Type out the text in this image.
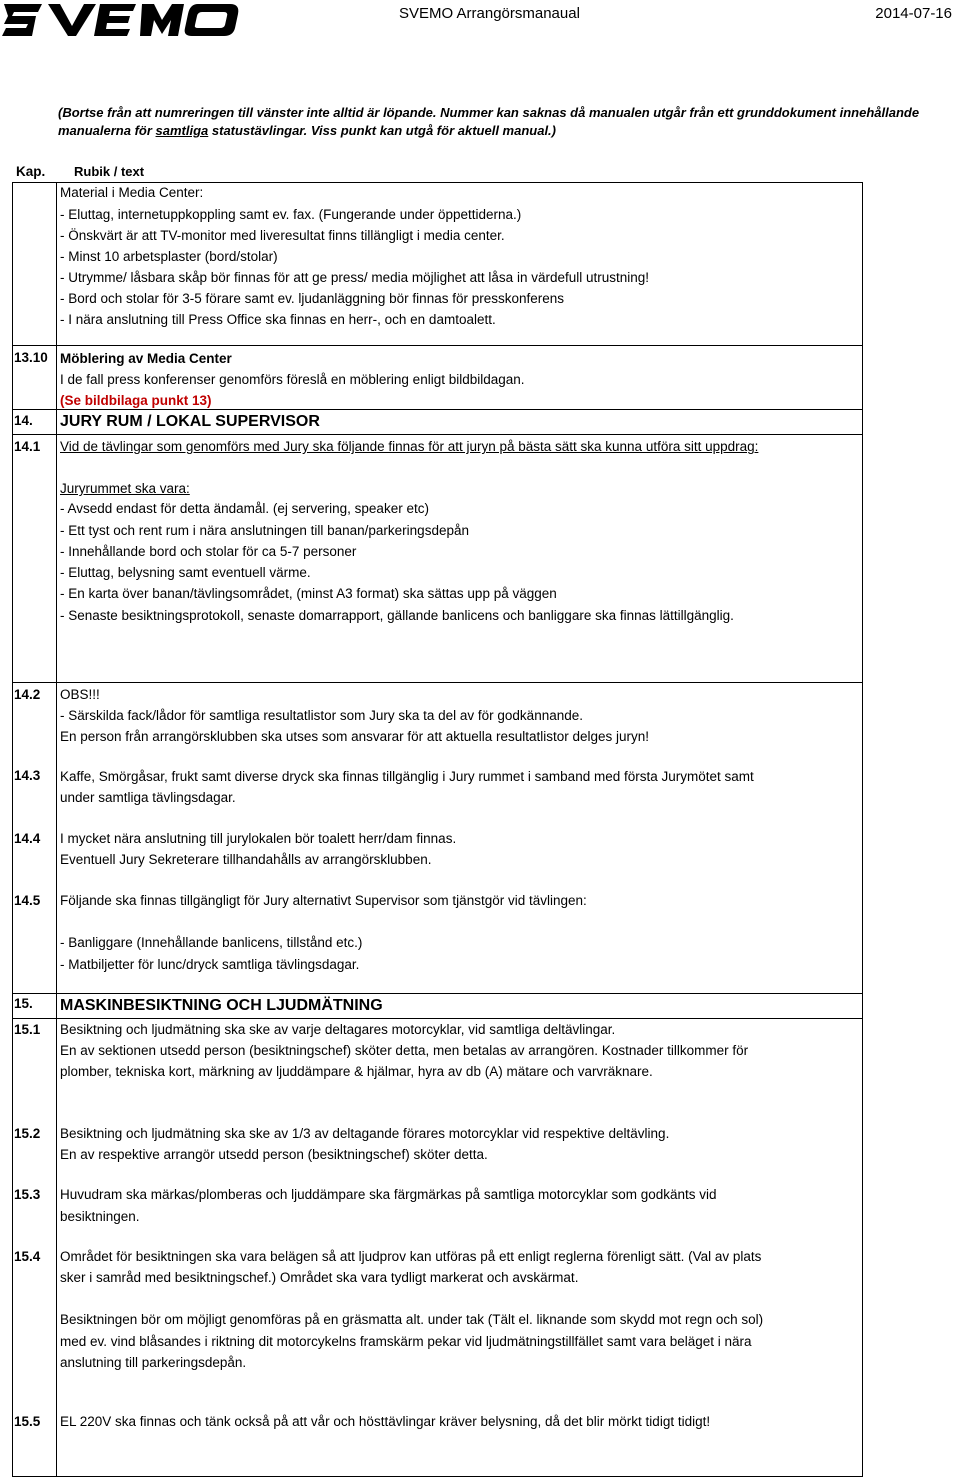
SVEMO Arrangörsmanaual	2014-07-16
(Bortse från att numreringen till vänster inte alltid är löpande. Nummer kan saknas då manualen utgår från ett grunddokument innehållande manualerna för samtliga statustävlingar. Viss punkt kan utgå för aktuell manual.)
Kap. Rubik / text
Material i Media Center:
- Eluttag, internetuppkoppling samt ev. fax. (Fungerande under öppettiderna.)
- Önskvärt är att TV-monitor med liveresultat finns tillängligt i media center.
- Minst 10 arbetsplaster (bord/stolar)
- Utrymme/ låsbara skåp bör finnas för att ge press/ media möjlighet att låsa in värdefull utrustning!
- Bord och stolar för 3-5 förare samt ev. ljudanläggning bör finnas för presskonferens
- I nära anslutning till Press Office ska finnas en herr-, och en damtoalett.
13.10 Möblering av Media Center
I de fall press konferenser genomförs föreslå en möblering enligt bildbildagan.
(Se bildbilaga punkt 13)
14. JURY RUM / LOKAL SUPERVISOR
14.1 Vid de tävlingar som genomförs med Jury ska följande finnas för att juryn på bästa sätt ska kunna utföra sitt uppdrag:
Juryrummet ska vara:
- Avsedd endast för detta ändamål. (ej servering, speaker etc)
- Ett tyst och rent rum i nära anslutningen till banan/parkeringsdepån
- Innehållande bord och stolar för ca 5-7 personer
- Eluttag, belysning samt eventuell värme.
- En karta över banan/tävlingsområdet, (minst A3 format) ska sättas upp på väggen
- Senaste besiktningsprotokoll, senaste domarrapport, gällande banlicens och banliggare ska finnas lättillgänglig.
14.2 OBS!!!
- Särskilda fack/lådor för samtliga resultatlistor som Jury ska ta del av för godkännande.
En person från arrangörsklubben ska utses som ansvarar för att aktuella resultatlistor delges juryn!
14.3 Kaffe, Smörgåsar, frukt samt diverse dryck ska finnas tillgänglig i Jury rummet i samband med första Jurymötet samt
under samtliga tävlingsdagar.
14.4 I mycket nära anslutning till jurylokalen bör toalett herr/dam finnas.
Eventuell Jury Sekreterare tillhandahålls av arrangörsklubben.
14.5 Följande ska finnas tillgängligt för Jury alternativt Supervisor som tjänstgör vid tävlingen:
- Banliggare (Innehållande banlicens, tillstånd etc.)
- Matbiljetter för lunc/dryck samtliga tävlingsdagar.
15. MASKINBESIKTNING OCH LJUDMÄTNING
15.1 Besiktning och ljudmätning ska ske av varje deltagares motorcyklar, vid samtliga deltävlingar.
En av sektionen utsedd person (besiktningschef) sköter detta, men betalas av arrangören. Kostnader tillkommer för
plomber, tekniska kort, märkning av ljuddämpare & hjälmar, hyra av db (A) mätare och varvräknare.
15.2 Besiktning och ljudmätning ska ske av 1/3 av deltagande förares motorcyklar vid respektive deltävling.
En av respektive arrangör utsedd person (besiktningschef) sköter detta.
15.3 Huvudram ska märkas/plomberas och ljuddämpare ska färgmärkas på samtliga motorcyklar som godkänts vid
besiktningen.
15.4 Området för besiktningen ska vara belägen så att ljudprov kan utföras på ett enligt reglerna förenligt sätt. (Val av plats
sker i samråd med besiktningschef.) Området ska vara tydligt markerat och avskärmat.
Besiktningen bör om möjligt genomföras på en gräsmatta alt. under tak (Tält el. liknande som skydd mot regn och sol)
med ev. vind blåsandes i riktning dit motorcykelns framskärm pekar vid ljudmätningstillfället samt vara beläget i nära
anslutning till parkeringsdepån.
15.5 EL 220V ska finnas och tänk också på att vår och hösttävlingar kräver belysning, då det blir mörkt tidigt tidigt!
